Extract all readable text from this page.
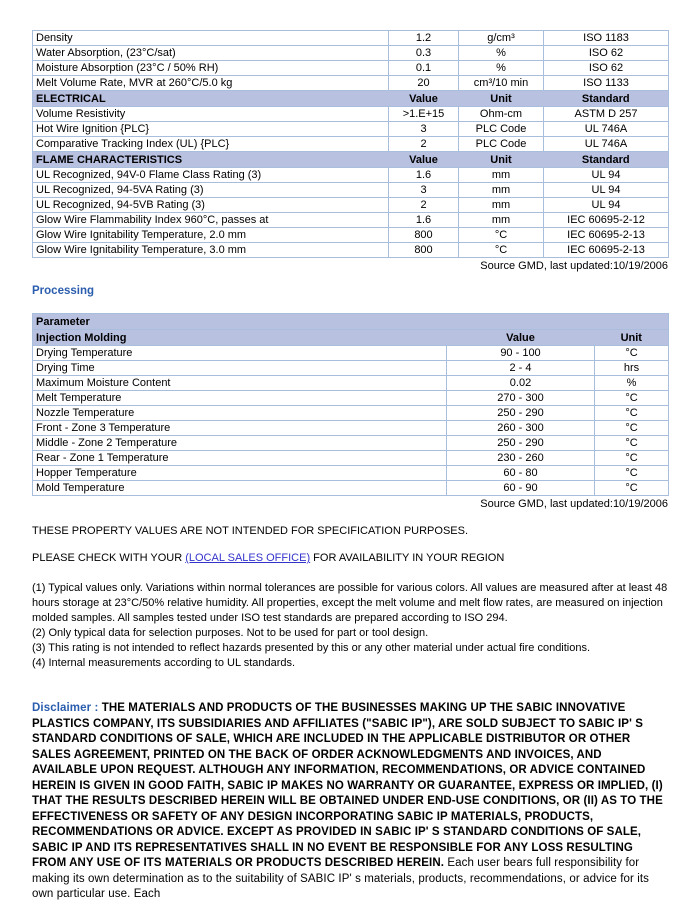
Density	1.2	g/cm³	ISO 1183
Water Absorption, (23°C/sat)	0.3	%	ISO 62
Moisture Absorption (23°C / 50% RH)	0.1	%	ISO 62
Melt Volume Rate, MVR at 260°C/5.0 kg	20	cm³/10 min	ISO 1133
ELECTRICAL	Value	Unit	Standard
Volume Resistivity	>1.E+15	Ohm-cm	ASTM D 257
Hot Wire Ignition {PLC}	3	PLC Code	UL 746A
Comparative Tracking Index (UL) {PLC}	2	PLC Code	UL 746A
FLAME CHARACTERISTICS	Value	Unit	Standard
UL Recognized, 94V-0 Flame Class Rating (3)	1.6	mm	UL 94
UL Recognized, 94-5VA Rating (3)	3	mm	UL 94
UL Recognized, 94-5VB Rating (3)	2	mm	UL 94
Glow Wire Flammability Index 960°C, passes at	1.6	mm	IEC 60695-2-12
Glow Wire Ignitability Temperature, 2.0 mm	800	°C	IEC 60695-2-13
Glow Wire Ignitability Temperature, 3.0 mm	800	°C	IEC 60695-2-13
Source GMD, last updated:10/19/2006
Processing
Parameter		
Injection Molding	Value	Unit
Drying Temperature	90 - 100	°C
Drying Time	2 - 4	hrs
Maximum Moisture Content	0.02	%
Melt Temperature	270 - 300	°C
Nozzle Temperature	250 - 290	°C
Front - Zone 3 Temperature	260 - 300	°C
Middle - Zone 2 Temperature	250 - 290	°C
Rear - Zone 1 Temperature	230 - 260	°C
Hopper Temperature	60 - 80	°C
Mold Temperature	60 - 90	°C
Source GMD, last updated:10/19/2006

THESE PROPERTY VALUES ARE NOT INTENDED FOR SPECIFICATION PURPOSES.

PLEASE CHECK WITH YOUR (LOCAL SALES OFFICE) FOR AVAILABILITY IN YOUR REGION

(1) Typical values only. Variations within normal tolerances are possible for various colors. All values are measured after at least 48 hours storage at 23°C/50% relative humidity. All properties, except the melt volume and melt flow rates, are measured on injection molded samples. All samples tested under ISO test standards are prepared according to ISO 294.

(2) Only typical data for selection purposes. Not to be used for part or tool design.

(3) This rating is not intended to reflect hazards presented by this or any other material under actual fire conditions.

(4) Internal measurements according to UL standards.

Disclaimer : THE MATERIALS AND PRODUCTS OF THE BUSINESSES MAKING UP THE SABIC INNOVATIVE PLASTICS COMPANY, ITS SUBSIDIARIES AND AFFILIATES ("SABIC IP"), ARE SOLD SUBJECT TO SABIC IP' S STANDARD CONDITIONS OF SALE, WHICH ARE INCLUDED IN THE APPLICABLE DISTRIBUTOR OR OTHER SALES AGREEMENT, PRINTED ON THE BACK OF ORDER ACKNOWLEDGMENTS AND INVOICES, AND AVAILABLE UPON REQUEST. ALTHOUGH ANY INFORMATION, RECOMMENDATIONS, OR ADVICE CONTAINED HEREIN IS GIVEN IN GOOD FAITH, SABIC IP MAKES NO WARRANTY OR GUARANTEE, EXPRESS OR IMPLIED, (I) THAT THE RESULTS DESCRIBED HEREIN WILL BE OBTAINED UNDER END-USE CONDITIONS, OR (II) AS TO THE EFFECTIVENESS OR SAFETY OF ANY DESIGN INCORPORATING SABIC IP MATERIALS, PRODUCTS, RECOMMENDATIONS OR ADVICE. EXCEPT AS PROVIDED IN SABIC IP' S STANDARD CONDITIONS OF SALE, SABIC IP AND ITS REPRESENTATIVES SHALL IN NO EVENT BE RESPONSIBLE FOR ANY LOSS RESULTING FROM ANY USE OF ITS MATERIALS OR PRODUCTS DESCRIBED HEREIN. Each user bears full responsibility for making its own determination as to the suitability of SABIC IP' s materials, products, recommendations, or advice for its own particular use. Each
